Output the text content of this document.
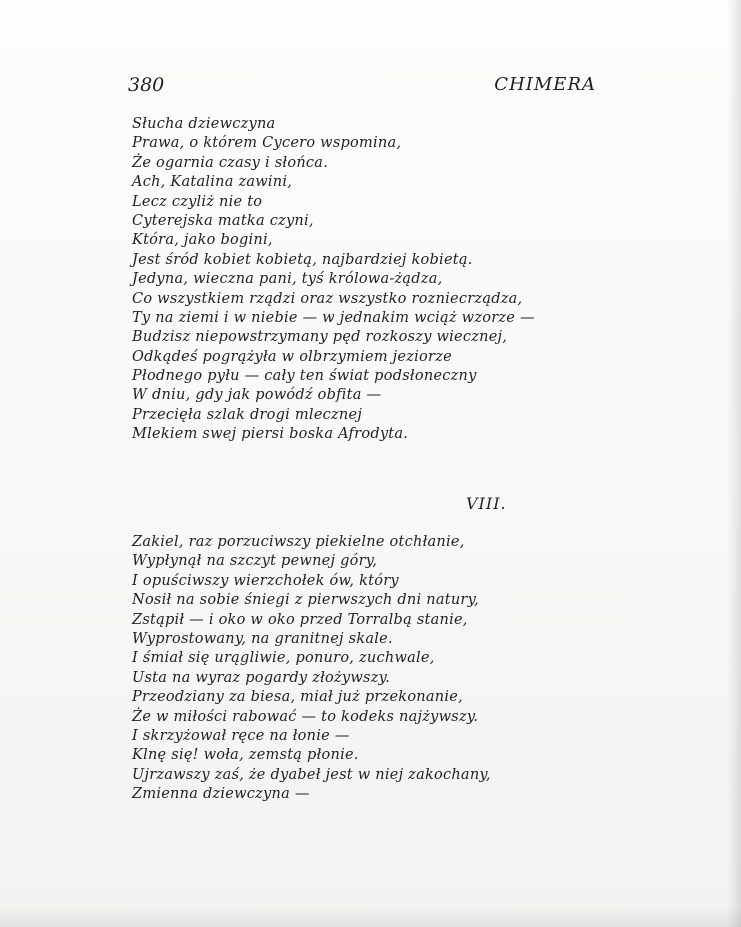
380	CHIMERA
Słucha dziewczyna
Prawa, o którem Cycero wspomina,
Że ogarnia czasy i słońca.
Ach, Katalina zawini,
Lecz czyliż nie to
Cyterejska matka czyni,
Która, jako bogini,
Jest śród kobiet kobietą, najbardziej kobietą.
Jedyna, wieczna pani, tyś królowa-żądza,
Co wszystkiem rządzi oraz wszystko rozniecrządza,
Ty na ziemi i w niebie — w jednakim wciąż wzorze —
Budzisz niepowstrzymany pęd rozkoszy wiecznej,
Odkądeś pogrążyła w olbrzymiem jeziorze
Płodnego pyłu — cały ten świat podsłoneczny
W dniu, gdy jak powódź obfita —
Przecięła szlak drogi mlecznej
Mlekiem swej piersi boska Afrodyta.
VIII.
Zakiel, raz porzuciwszy piekielne otchłanie,
Wypłynął na szczyt pewnej góry,
I opuściwszy wierzchołek ów, który
Nosił na sobie śniegi z pierwszych dni natury,
Zstąpił — i oko w oko przed Torralbą stanie,
Wyprostowany, na granitnej skale.
I śmiał się urągliwie, ponuro, zuchwale,
Usta na wyraz pogardy złożywszy.
Przeodziany za biesa, miał już przekonanie,
Że w miłości rabować — to kodeks najżywszy.
I skrzyżował ręce na łonie —
Klnę się! woła, zemstą płonie.
Ujrzawszy zaś, że dyabeł jest w niej zakochany,
Zmienna dziewczyna —
